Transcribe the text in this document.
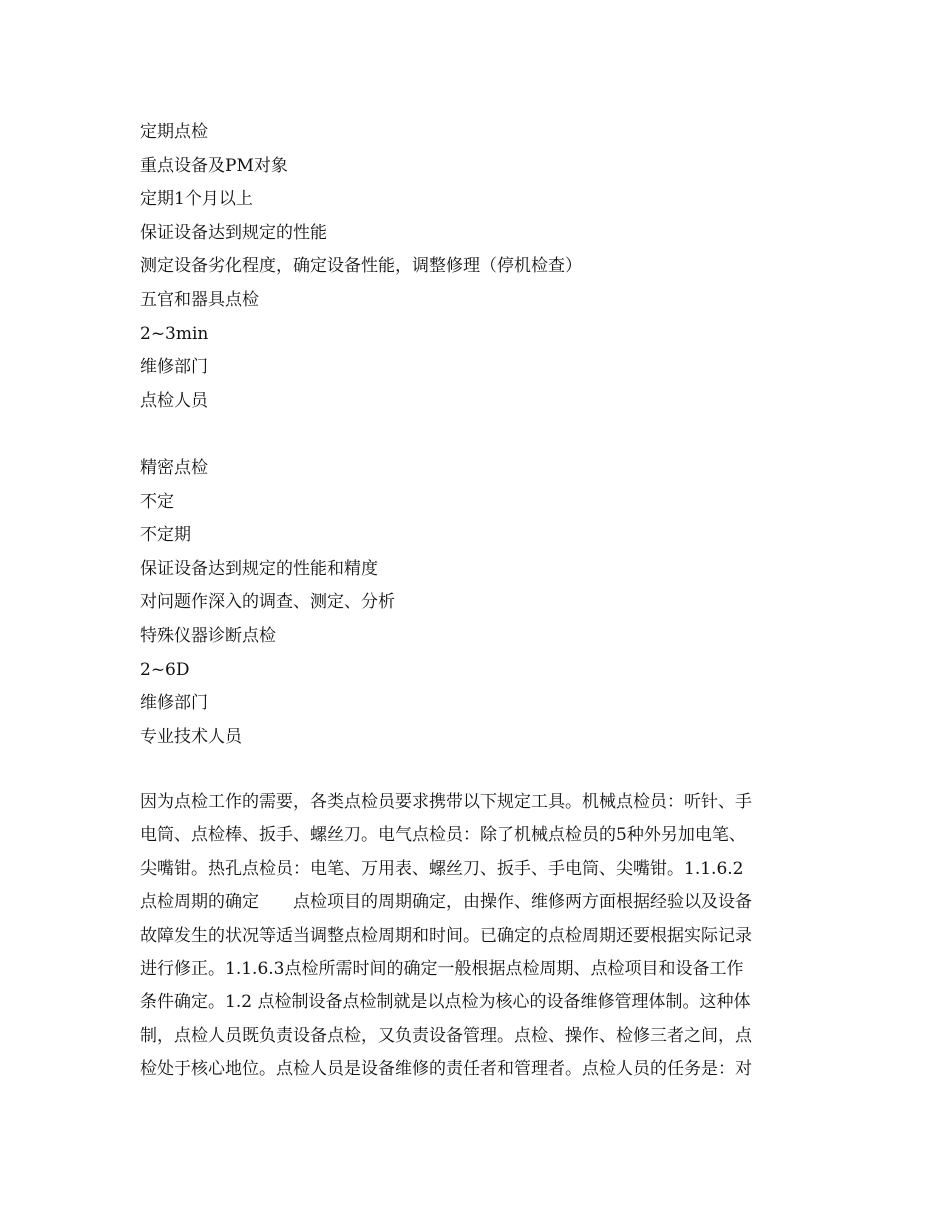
定期点检
重点设备及PM对象
定期1个月以上
保证设备达到规定的性能
测定设备劣化程度，确定设备性能，调整修理（停机检查）
五官和器具点检
2~3min
维修部门
点检人员
精密点检
不定
不定期
保证设备达到规定的性能和精度
对问题作深入的调查、测定、分析
特殊仪器诊断点检
2~6D
维修部门
专业技术人员
因为点检工作的需要，各类点检员要求携带以下规定工具。机械点检员：听针、手
电筒、点检棒、扳手、螺丝刀。电气点检员：除了机械点检员的5种外另加电笔、
尖嘴钳。热孔点检员：电笔、万用表、螺丝刀、扳手、手电筒、尖嘴钳。1.1.6.2
点检周期的确定　　点检项目的周期确定，由操作、维修两方面根据经验以及设备
故障发生的状况等适当调整点检周期和时间。已确定的点检周期还要根据实际记录
进行修正。1.1.6.3点检所需时间的确定一般根据点检周期、点检项目和设备工作
条件确定。1.2 点检制设备点检制就是以点检为核心的设备维修管理体制。这种体
制，点检人员既负责设备点检，又负责设备管理。点检、操作、检修三者之间，点
检处于核心地位。点检人员是设备维修的责任者和管理者。点检人员的任务是：对
